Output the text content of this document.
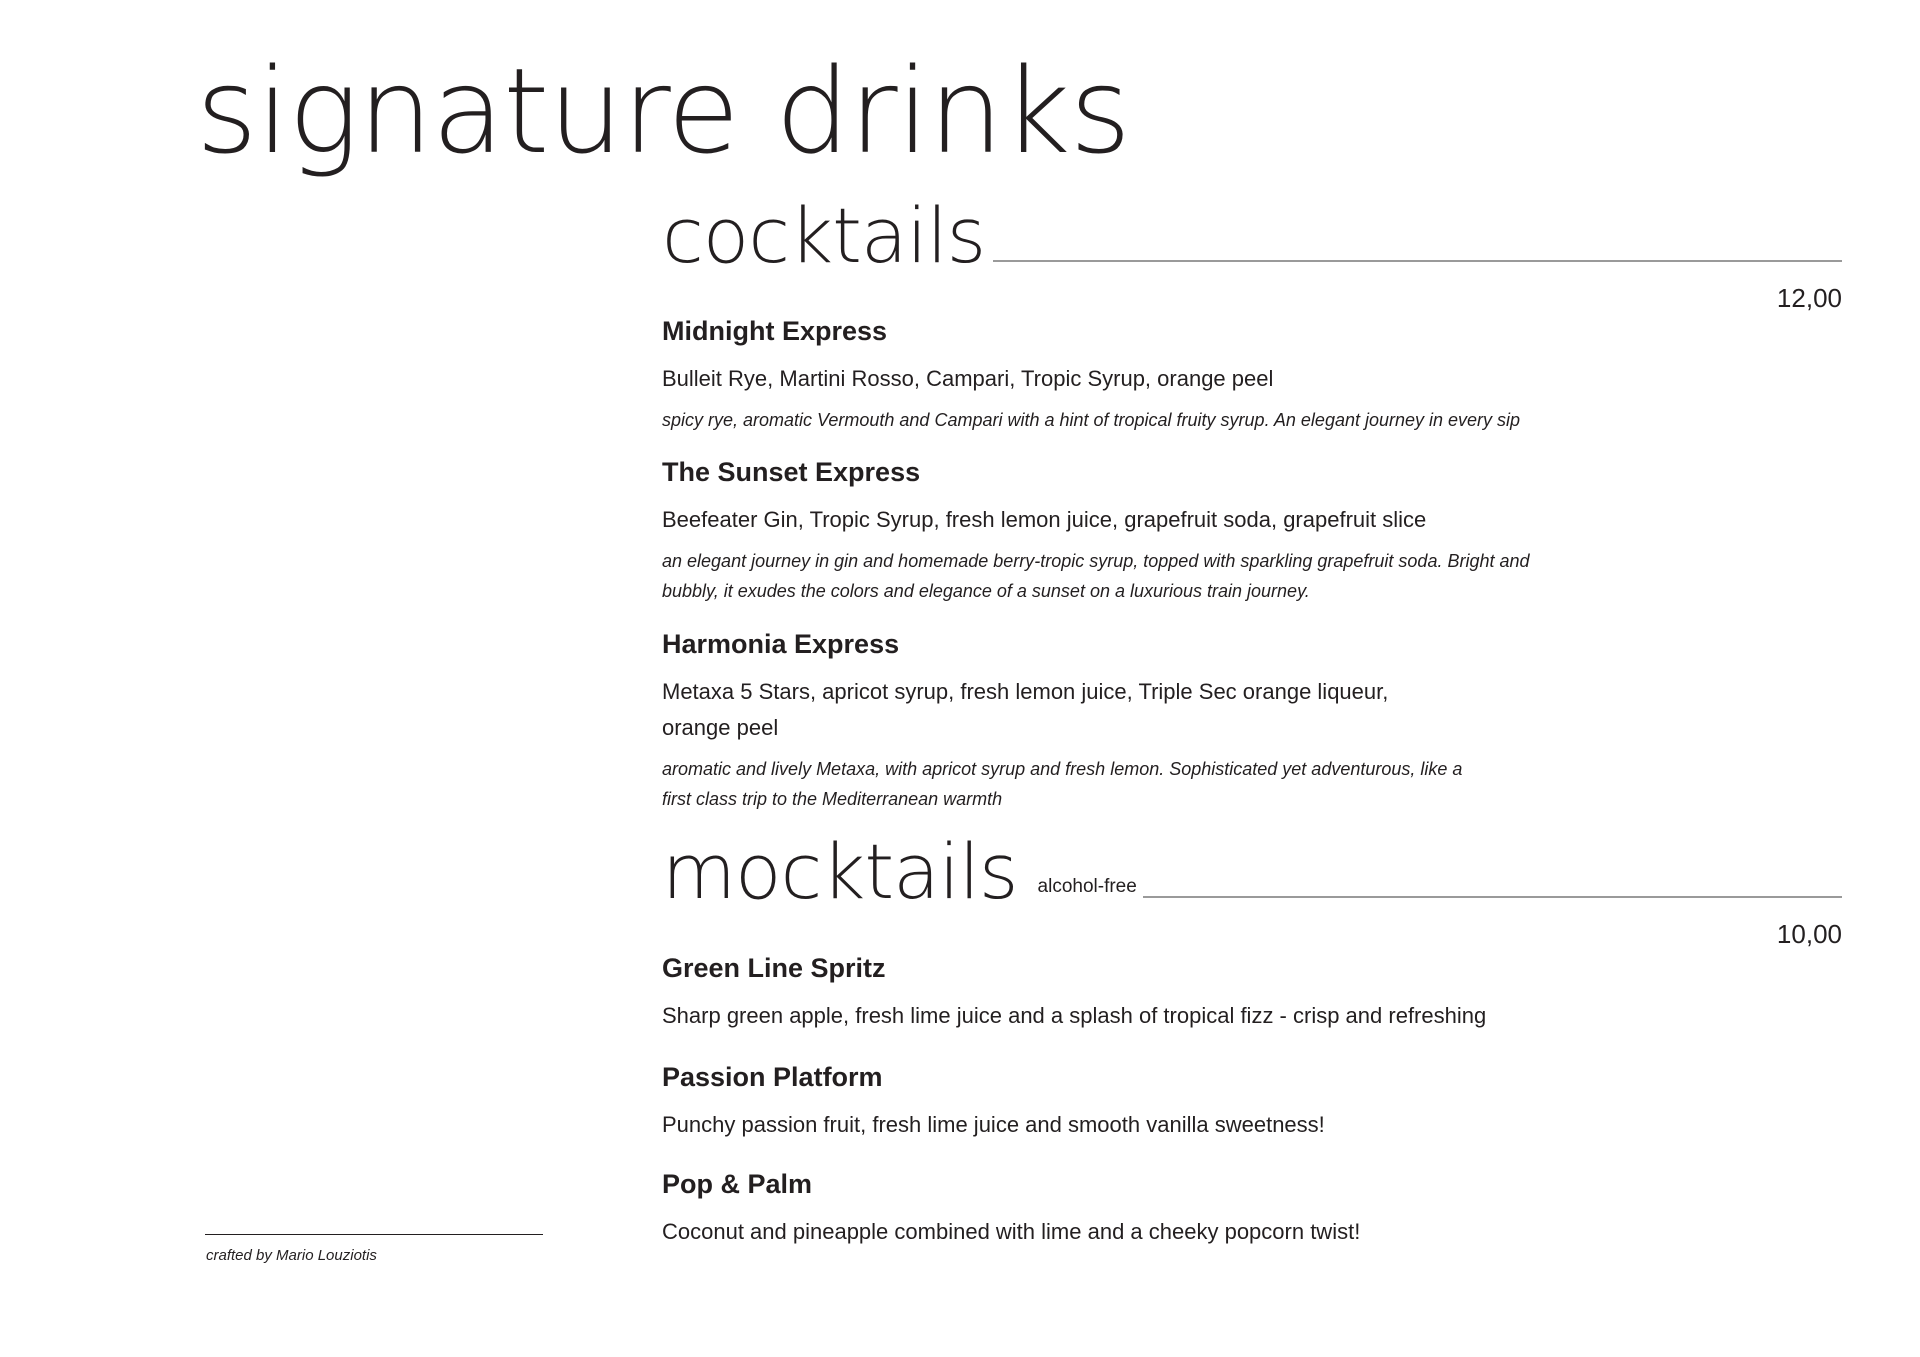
signature drinks
cocktails

12,00

Midnight Express

Bulleit Rye, Martini Rosso, Campari, Tropic Syrup, orange peel

spicy rye, aromatic Vermouth and Campari with a hint of tropical fruity syrup. An elegant journey in every sip

The Sunset Express

Beefeater Gin, Tropic Syrup, fresh lemon juice, grapefruit soda, grapefruit slice

an elegant journey in gin and homemade berry-tropic syrup, topped with sparkling grapefruit soda. Bright and bubbly, it exudes the colors and elegance of a sunset on a luxurious train journey.

Harmonia Express

Metaxa 5 Stars, apricot syrup, fresh lemon juice, Triple Sec orange liqueur, orange peel

aromatic and lively Metaxa, with apricot syrup and fresh lemon. Sophisticated yet adventurous, like a first class trip to the Mediterranean warmth

mocktails alcohol-free

10,00

Green Line Spritz

Sharp green apple, fresh lime juice and a splash of tropical fizz - crisp and refreshing

Passion Platform

Punchy passion fruit, fresh lime juice and smooth vanilla sweetness!

Pop & Palm

Coconut and pineapple combined with lime and a cheeky popcorn twist!

crafted by Mario Louziotis
